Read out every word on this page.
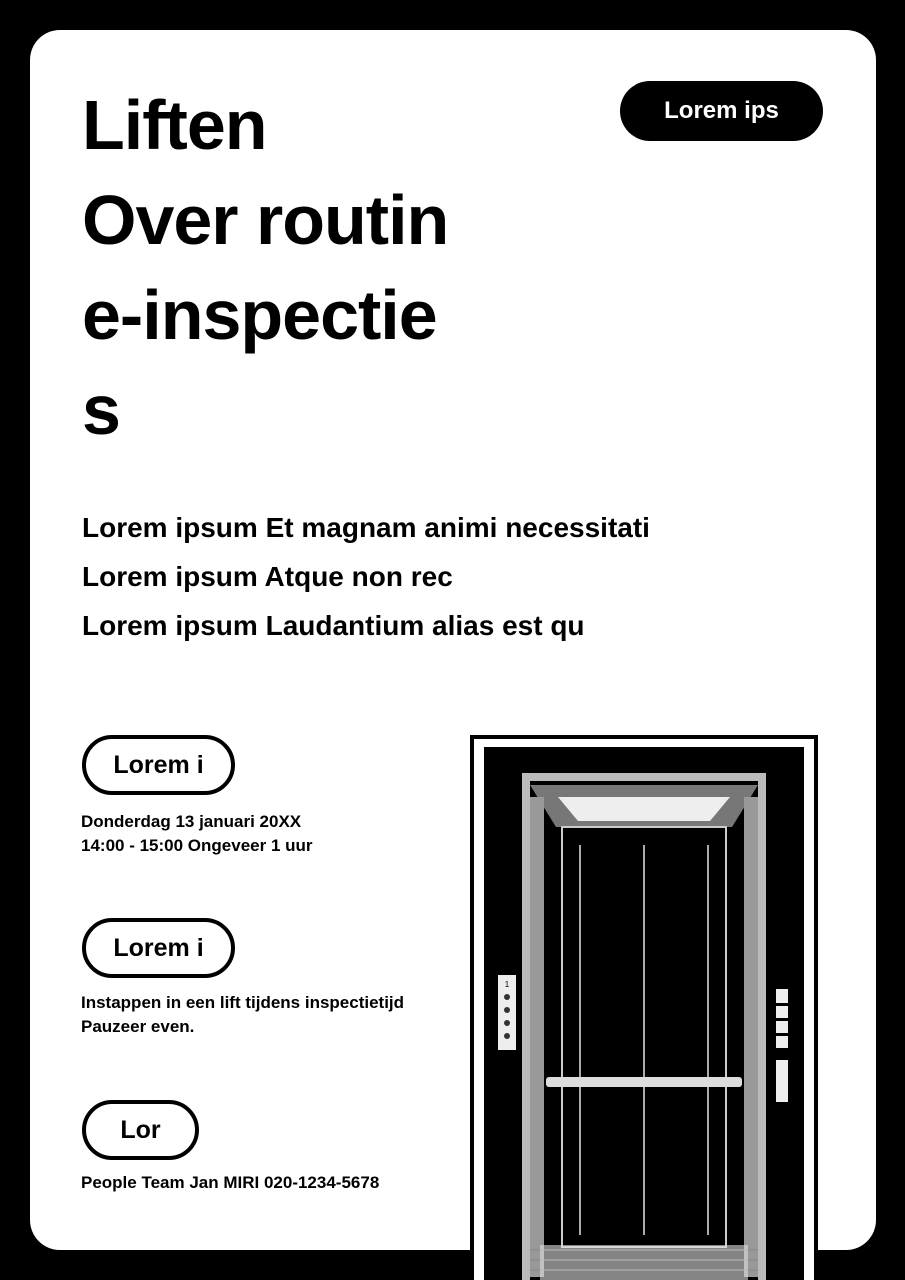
Liften
Over routin
e-inspectie
s
Lorem ips
Lorem ipsum Et magnam animi necessitati
Lorem ipsum Atque non rec
Lorem ipsum Laudantium alias est qu
Lorem i
Donderdag 13 januari 20XX
14:00 - 15:00 Ongeveer 1 uur
Lorem i
Instappen in een lift tijdens inspectietijd
Pauzeer even.
Lor
People Team Jan MIRI 020-1234-5678
1
